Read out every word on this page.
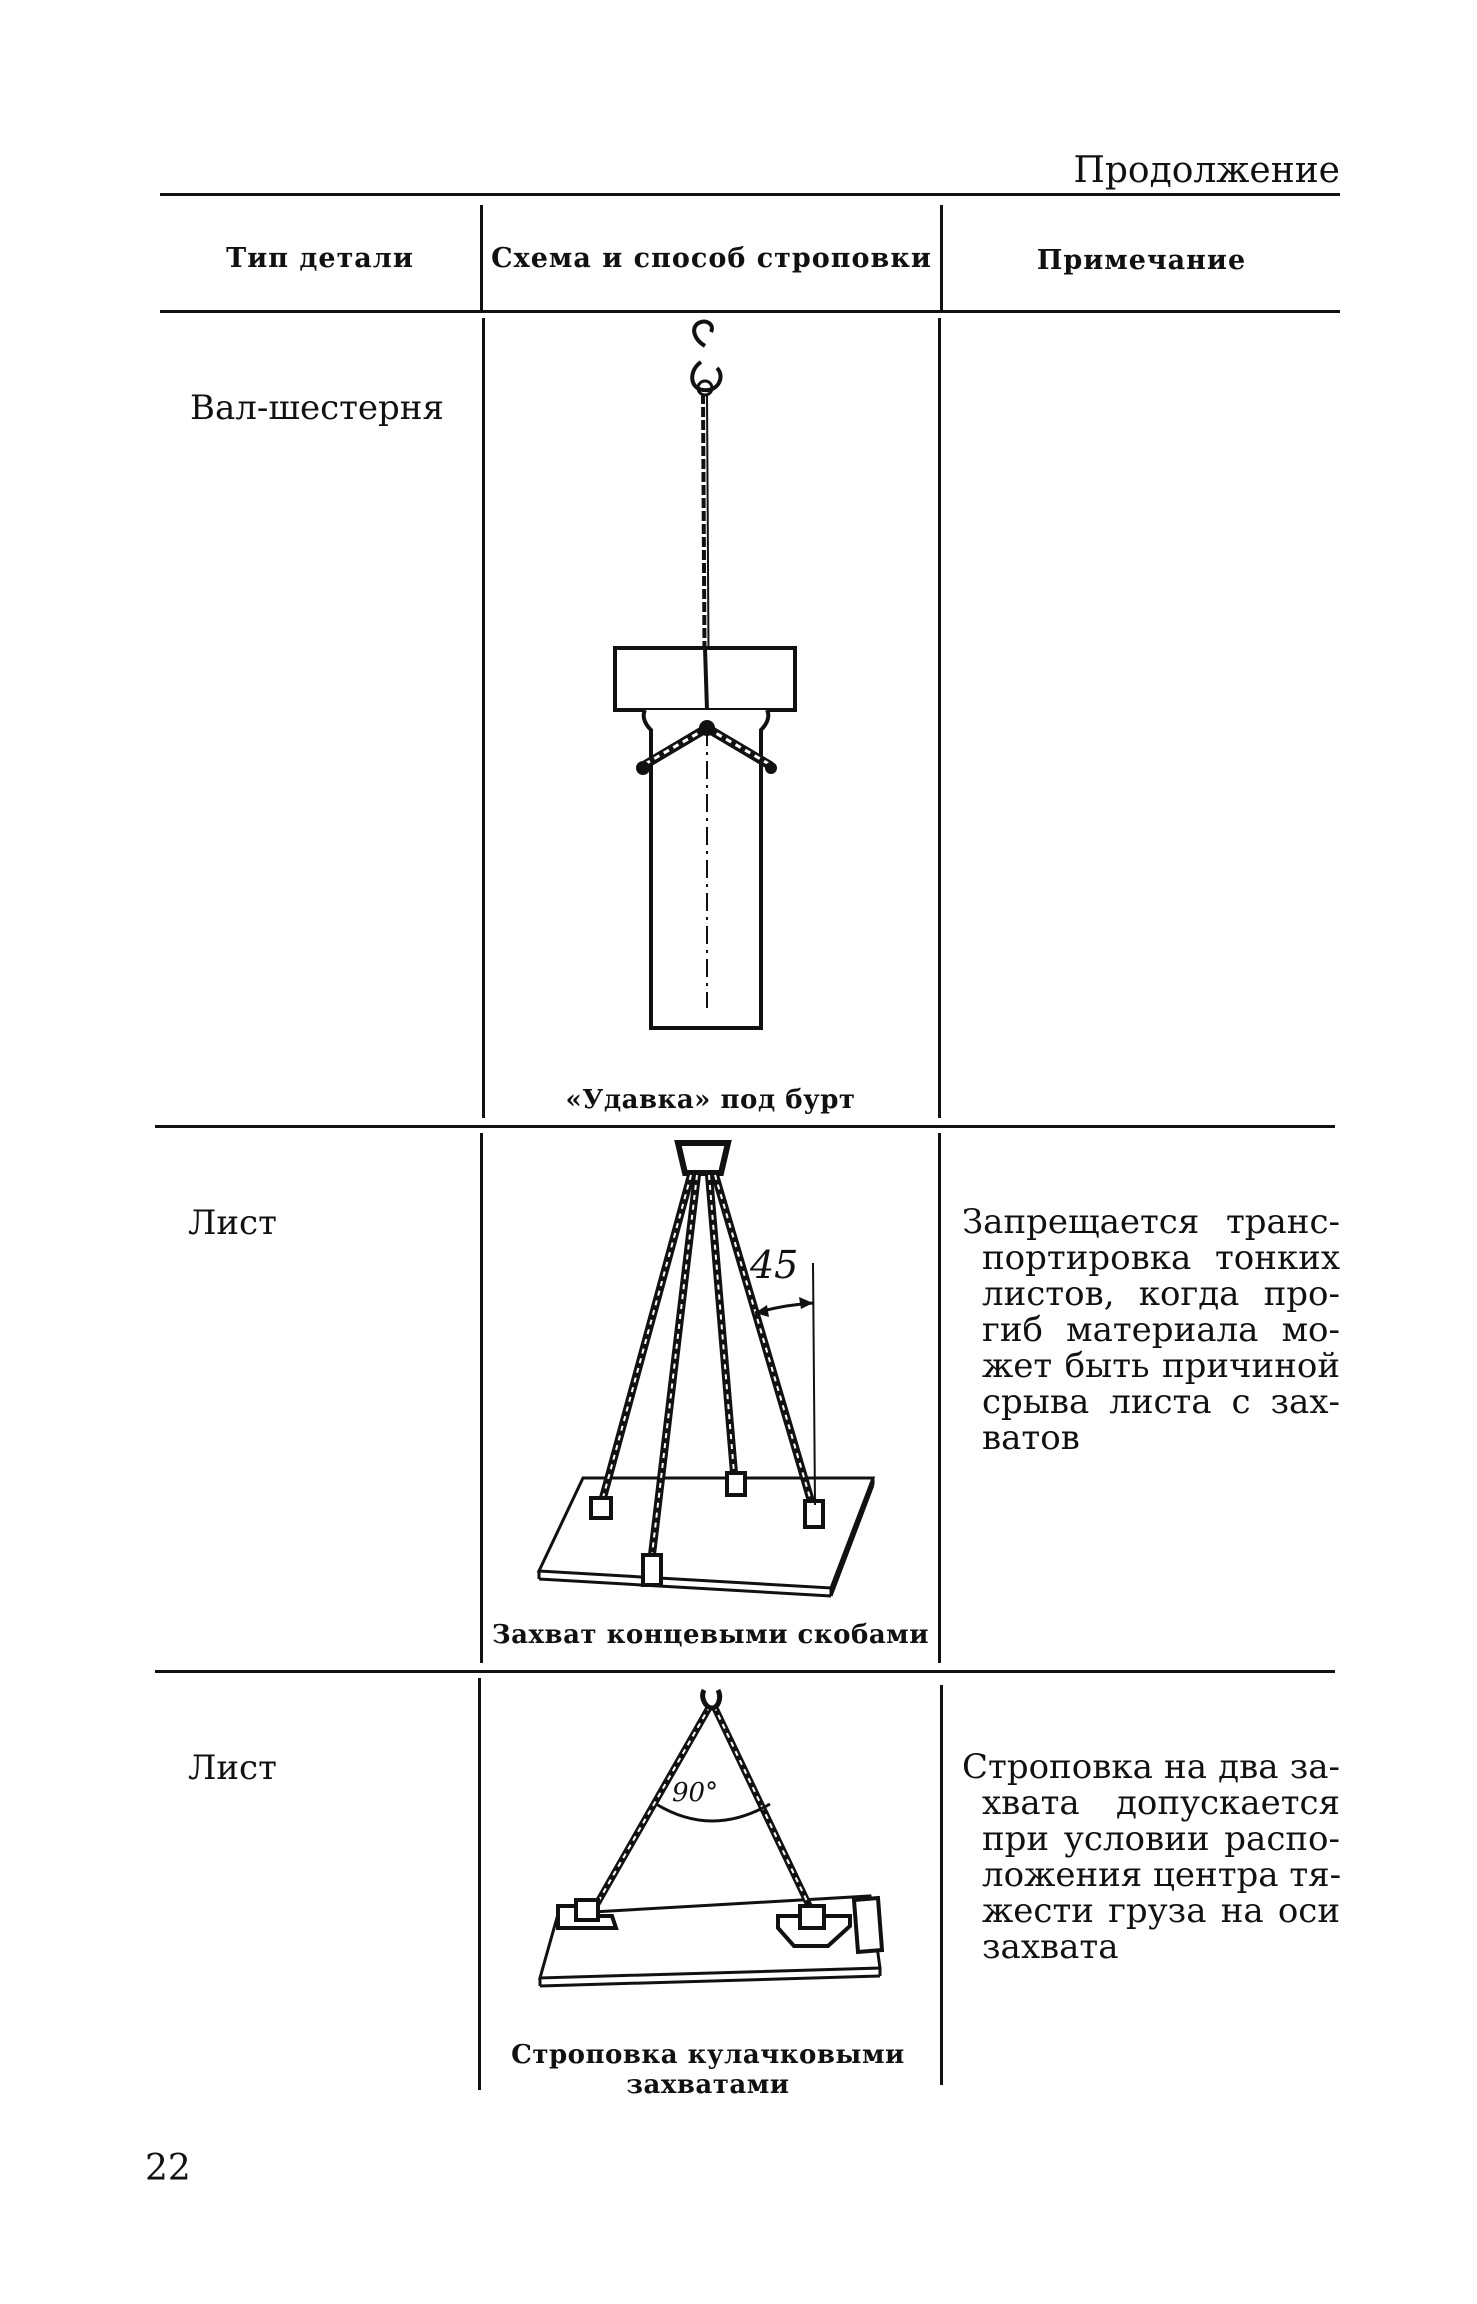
Продолжение
Тип детали	Схема и способ строповки	Примечание
Вал-шестерня
«Удавка» под бурт
Лист
45
Захват концевыми скобами
Запрещается транс-
портировка тонких
листов, когда про-
гиб материала мо-
жет быть причиной
срыва листа с зах-
ватов
Лист
90°
Строповка кулачковыми
захватами
Строповка на два за-
хвата допускается
при условии распо-
ложения центра тя-
жести груза на оси
захвата
22
